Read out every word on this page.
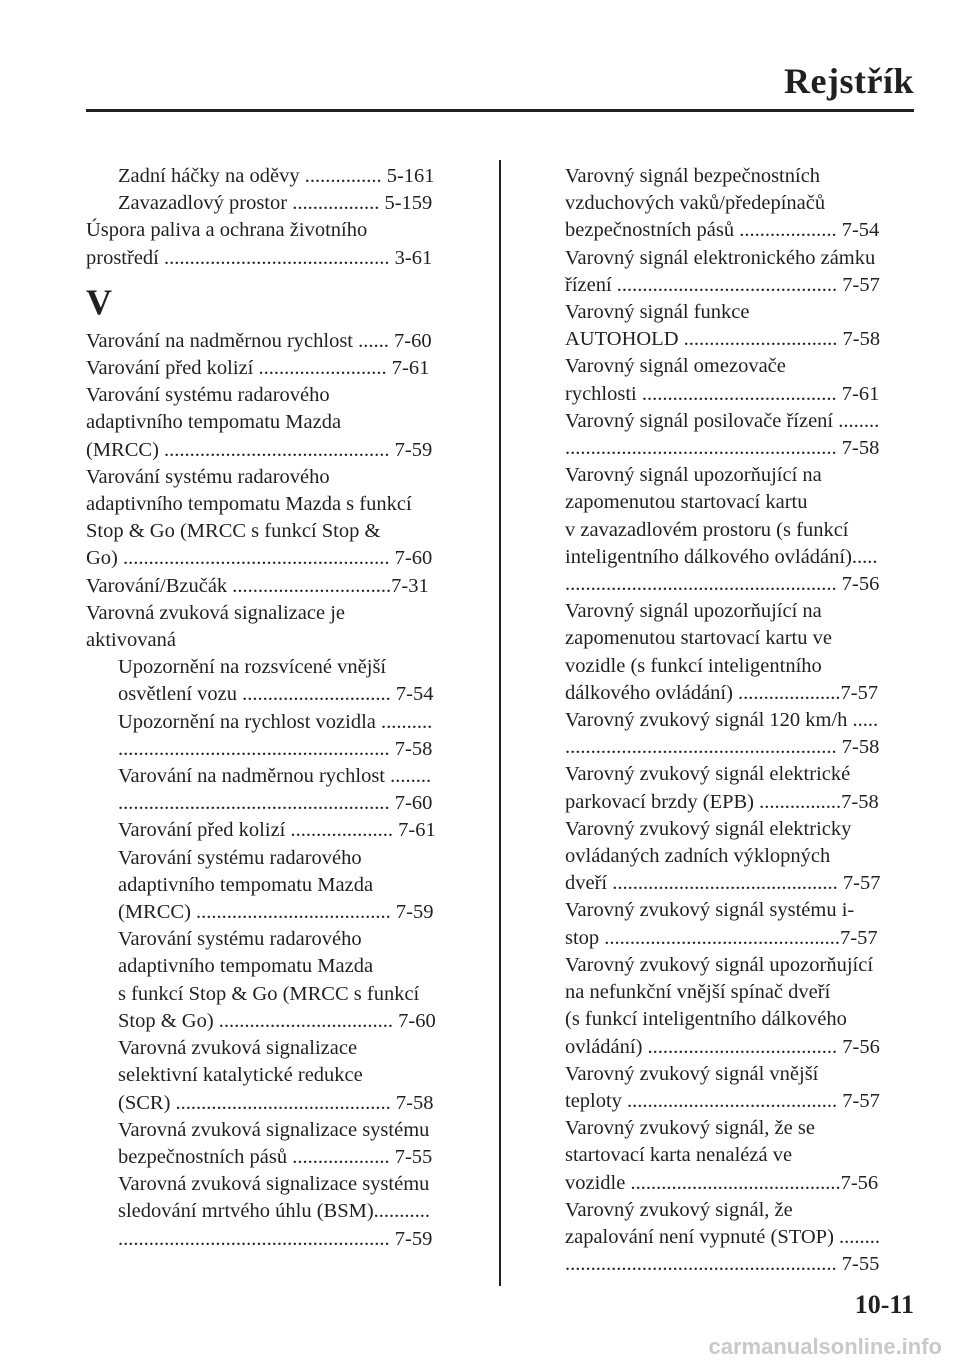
Rejstřík
Zadní háčky na oděvy ............... 5-161
Zavazadlový prostor ................. 5-159
Úspora paliva a ochrana životního
prostředí ............................................ 3-61
V
Varování na nadměrnou rychlost ...... 7-60
Varování před kolizí ......................... 7-61
Varování systému radarového
adaptivního tempomatu Mazda
(MRCC) ............................................ 7-59
Varování systému radarového
adaptivního tempomatu Mazda s funkcí
Stop & Go (MRCC s funkcí Stop &
Go) .................................................... 7-60
Varování/Bzučák ...............................7-31
Varovná zvuková signalizace je
aktivovaná
Upozornění na rozsvícené vnější
osvětlení vozu ............................. 7-54
Upozornění na rychlost vozidla ..........
..................................................... 7-58
Varování na nadměrnou rychlost ........
..................................................... 7-60
Varování před kolizí .................... 7-61
Varování systému radarového
adaptivního tempomatu Mazda
(MRCC) ...................................... 7-59
Varování systému radarového
adaptivního tempomatu Mazda
s funkcí Stop & Go (MRCC s funkcí
Stop & Go) .................................. 7-60
Varovná zvuková signalizace
selektivní katalytické redukce
(SCR) .......................................... 7-58
Varovná zvuková signalizace systému
bezpečnostních pásů ................... 7-55
Varovná zvuková signalizace systému
sledování mrtvého úhlu (BSM)...........
..................................................... 7-59
Varovný signál bezpečnostních
vzduchových vaků/předepínačů
bezpečnostních pásů ................... 7-54
Varovný signál elektronického zámku
řízení ........................................... 7-57
Varovný signál funkce
AUTOHOLD .............................. 7-58
Varovný signál omezovače
rychlosti ...................................... 7-61
Varovný signál posilovače řízení ........
..................................................... 7-58
Varovný signál upozorňující na
zapomenutou startovací kartu
v zavazadlovém prostoru (s funkcí
inteligentního dálkového ovládání).....
..................................................... 7-56
Varovný signál upozorňující na
zapomenutou startovací kartu ve
vozidle (s funkcí inteligentního
dálkového ovládání) ....................7-57
Varovný zvukový signál 120 km/h .....
..................................................... 7-58
Varovný zvukový signál elektrické
parkovací brzdy (EPB) ................7-58
Varovný zvukový signál elektricky
ovládaných zadních výklopných
dveří ............................................ 7-57
Varovný zvukový signál systému i-
stop ..............................................7-57
Varovný zvukový signál upozorňující
na nefunkční vnější spínač dveří
(s funkcí inteligentního dálkového
ovládání) ..................................... 7-56
Varovný zvukový signál vnější
teploty ......................................... 7-57
Varovný zvukový signál, že se
startovací karta nenalézá ve
vozidle .........................................7-56
Varovný zvukový signál, že
zapalování není vypnuté (STOP) ........
..................................................... 7-55
10-11
carmanualsonline.info
